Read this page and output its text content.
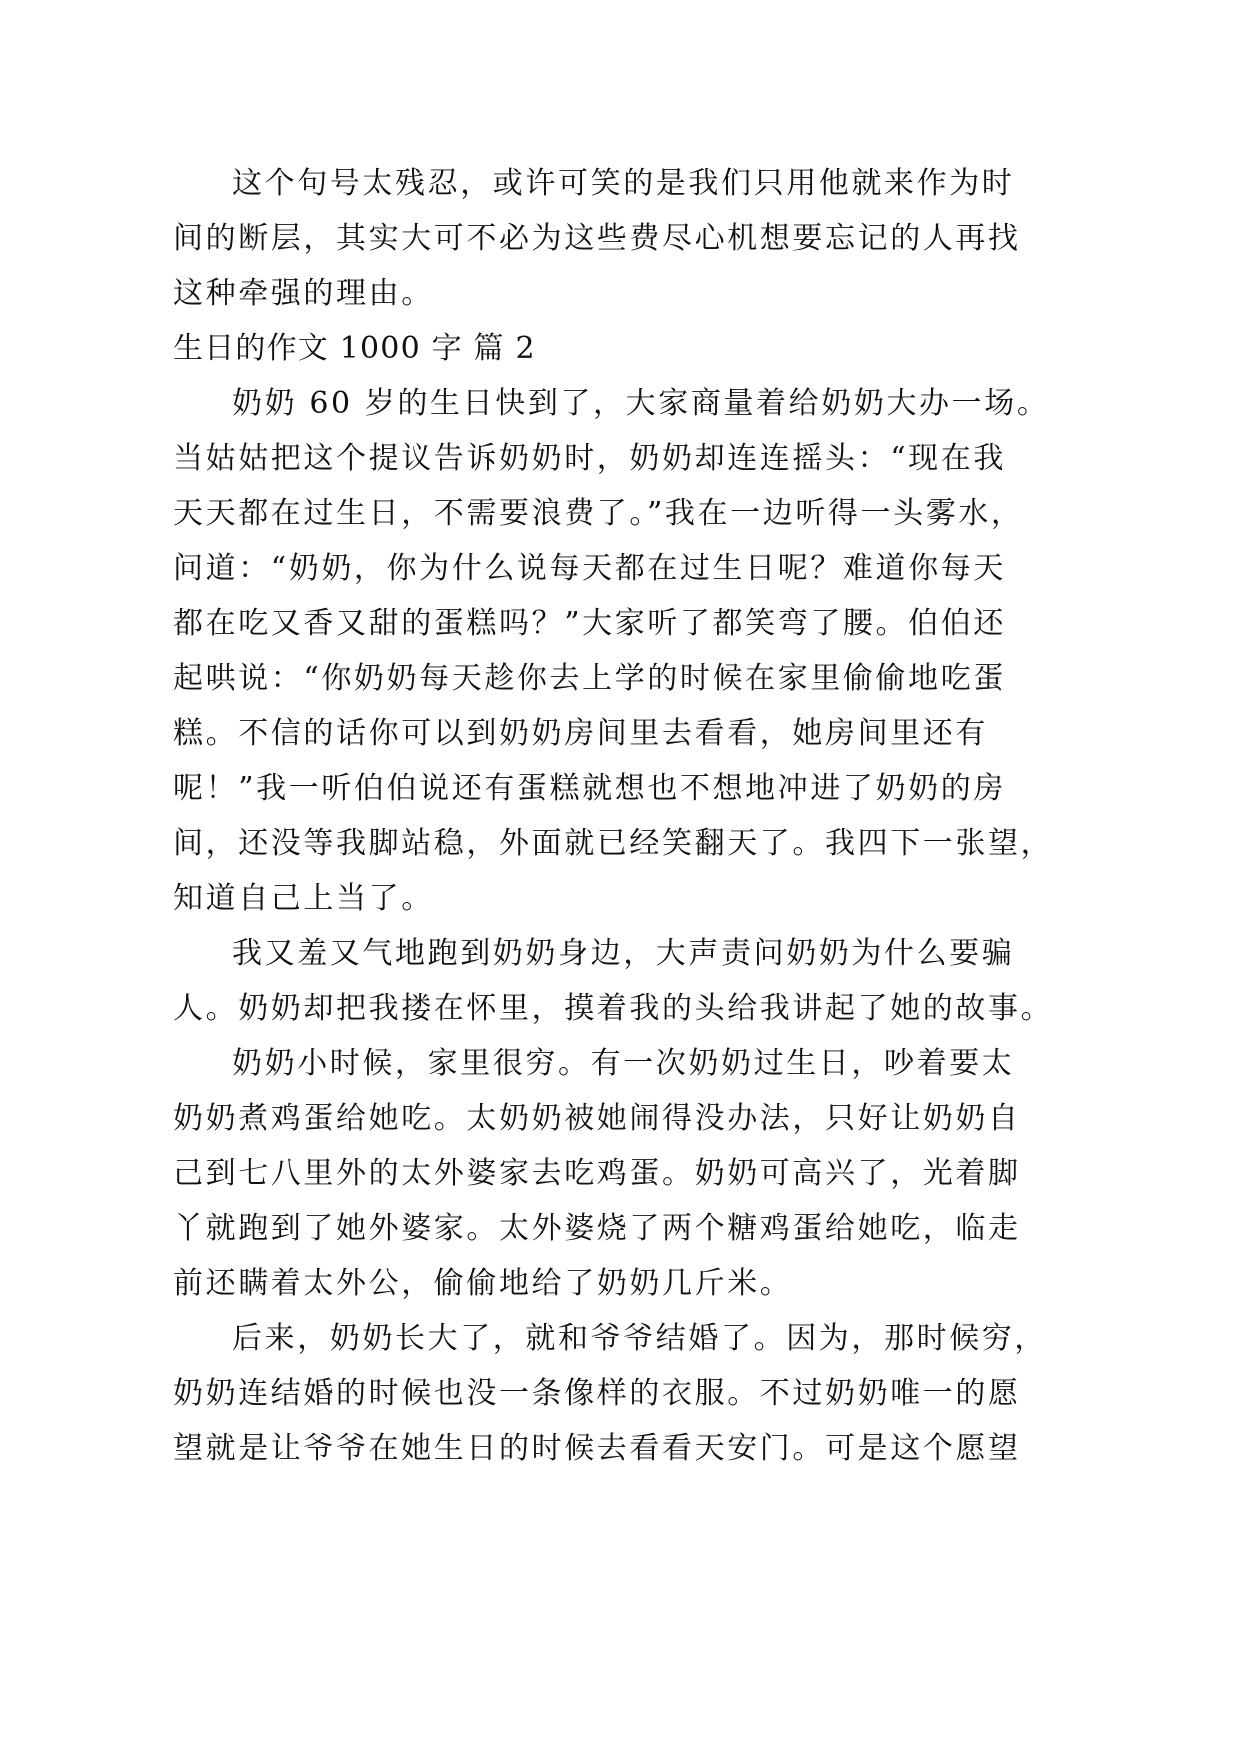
这个句号太残忍，或许可笑的是我们只用他就来作为时

间的断层，其实大可不必为这些费尽心机想要忘记的人再找

这种牵强的理由。

生日的作文 1000 字 篇 2

奶奶 60 岁的生日快到了，大家商量着给奶奶大办一场。

当姑姑把这个提议告诉奶奶时，奶奶却连连摇头：“现在我

天天都在过生日，不需要浪费了。”我在一边听得一头雾水，

问道：“奶奶，你为什么说每天都在过生日呢？难道你每天

都在吃又香又甜的蛋糕吗？”大家听了都笑弯了腰。伯伯还

起哄说：“你奶奶每天趁你去上学的时候在家里偷偷地吃蛋

糕。不信的话你可以到奶奶房间里去看看，她房间里还有

呢！”我一听伯伯说还有蛋糕就想也不想地冲进了奶奶的房

间，还没等我脚站稳，外面就已经笑翻天了。我四下一张望，

知道自己上当了。

我又羞又气地跑到奶奶身边，大声责问奶奶为什么要骗

人。奶奶却把我搂在怀里，摸着我的头给我讲起了她的故事。

奶奶小时候，家里很穷。有一次奶奶过生日，吵着要太

奶奶煮鸡蛋给她吃。太奶奶被她闹得没办法，只好让奶奶自

己到七八里外的太外婆家去吃鸡蛋。奶奶可高兴了，光着脚

丫就跑到了她外婆家。太外婆烧了两个糖鸡蛋给她吃，临走

前还瞒着太外公，偷偷地给了奶奶几斤米。

后来，奶奶长大了，就和爷爷结婚了。因为，那时候穷，

奶奶连结婚的时候也没一条像样的衣服。不过奶奶唯一的愿

望就是让爷爷在她生日的时候去看看天安门。可是这个愿望
